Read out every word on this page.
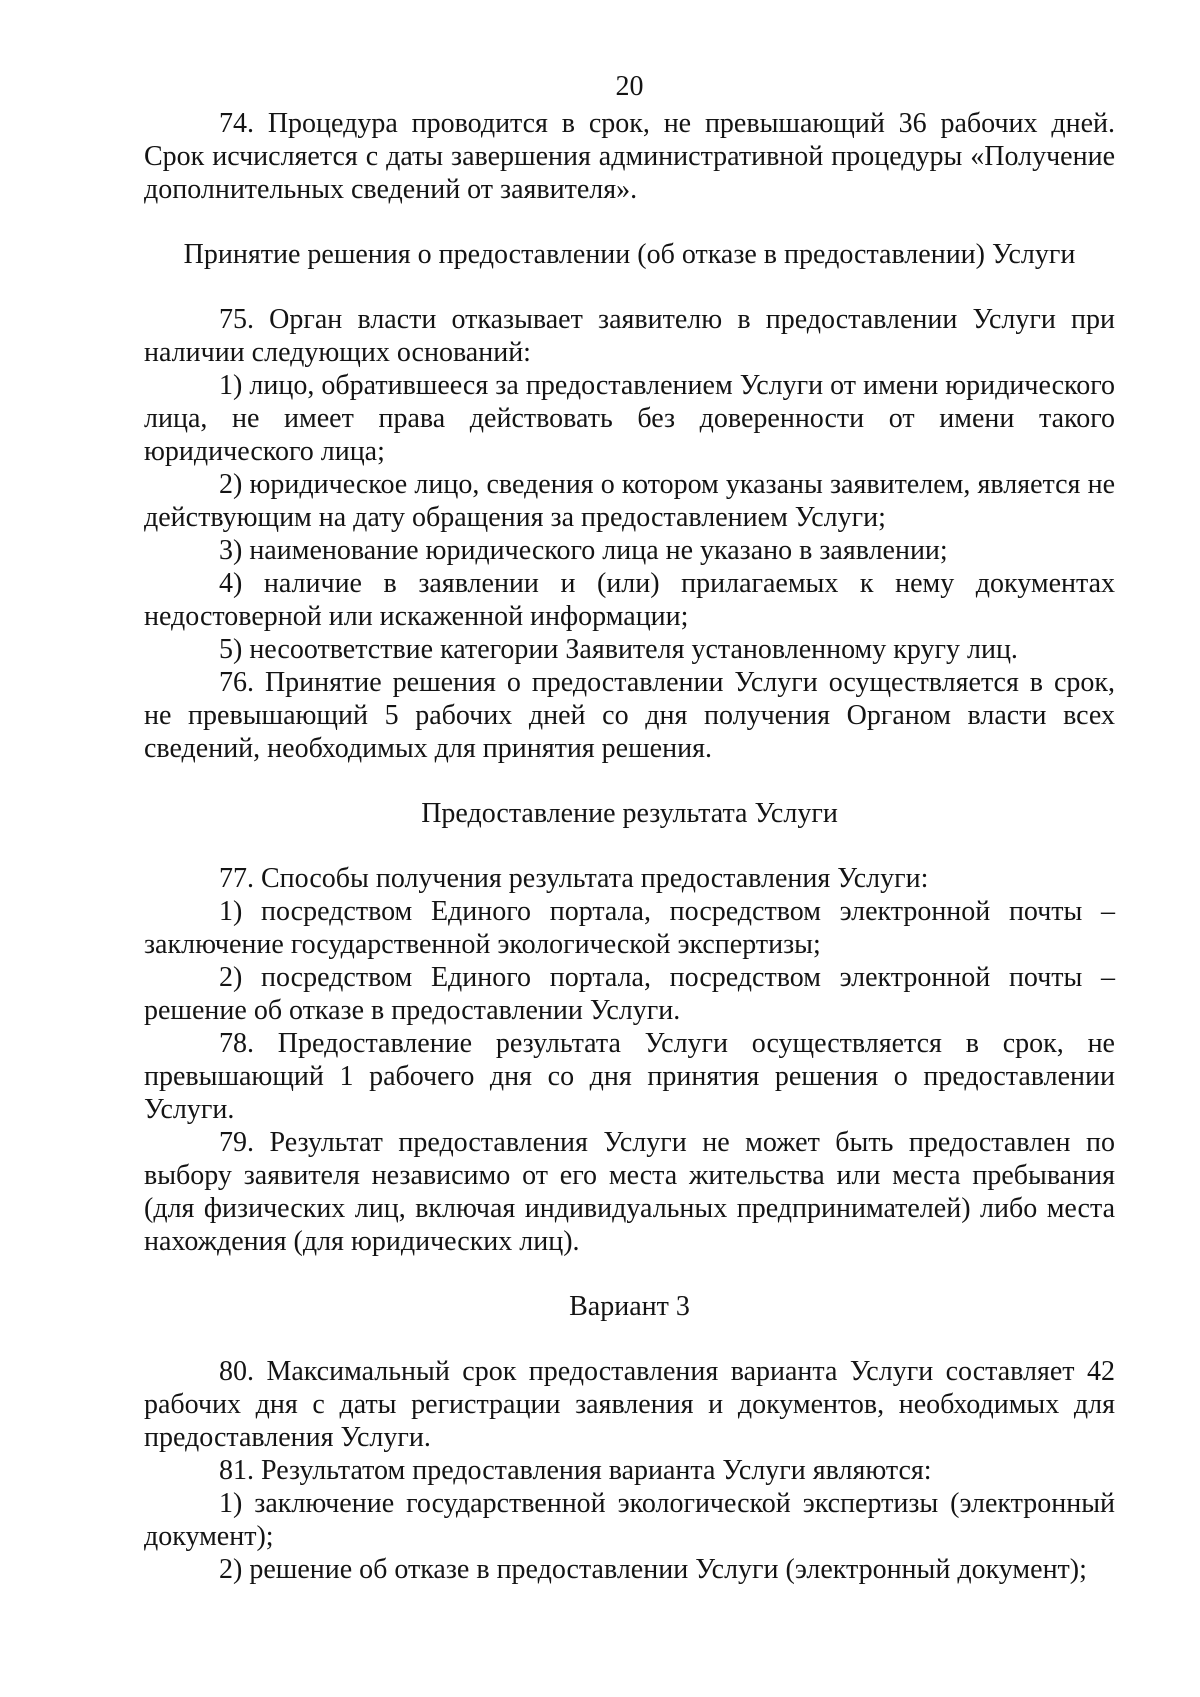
20

74. Процедура проводится в срок, не превышающий 36 рабочих дней. Срок исчисляется с даты завершения административной процедуры «Получение дополнительных сведений от заявителя».

Принятие решения о предоставлении (об отказе в предоставлении) Услуги

75. Орган власти отказывает заявителю в предоставлении Услуги при наличии следующих оснований:

1) лицо, обратившееся за предоставлением Услуги от имени юридического лица, не имеет права действовать без доверенности от имени такого юридического лица;

2) юридическое лицо, сведения о котором указаны заявителем, является не действующим на дату обращения за предоставлением Услуги;

3) наименование юридического лица не указано в заявлении;

4) наличие в заявлении и (или) прилагаемых к нему документах недостоверной или искаженной информации;

5) несоответствие категории Заявителя установленному кругу лиц.

76. Принятие решения о предоставлении Услуги осуществляется в срок, не превышающий 5 рабочих дней со дня получения Органом власти всех сведений, необходимых для принятия решения.

Предоставление результата Услуги

77. Способы получения результата предоставления Услуги:

1) посредством Единого портала, посредством электронной почты – заключение государственной экологической экспертизы;

2) посредством Единого портала, посредством электронной почты – решение об отказе в предоставлении Услуги.

78. Предоставление результата Услуги осуществляется в срок, не превышающий 1 рабочего дня со дня принятия решения о предоставлении Услуги.

79. Результат предоставления Услуги не может быть предоставлен по выбору заявителя независимо от его места жительства или места пребывания (для физических лиц, включая индивидуальных предпринимателей) либо места нахождения (для юридических лиц).

Вариант 3

80. Максимальный срок предоставления варианта Услуги составляет 42 рабочих дня с даты регистрации заявления и документов, необходимых для предоставления Услуги.

81. Результатом предоставления варианта Услуги являются:

1) заключение государственной экологической экспертизы (электронный документ);

2) решение об отказе в предоставлении Услуги (электронный документ);
